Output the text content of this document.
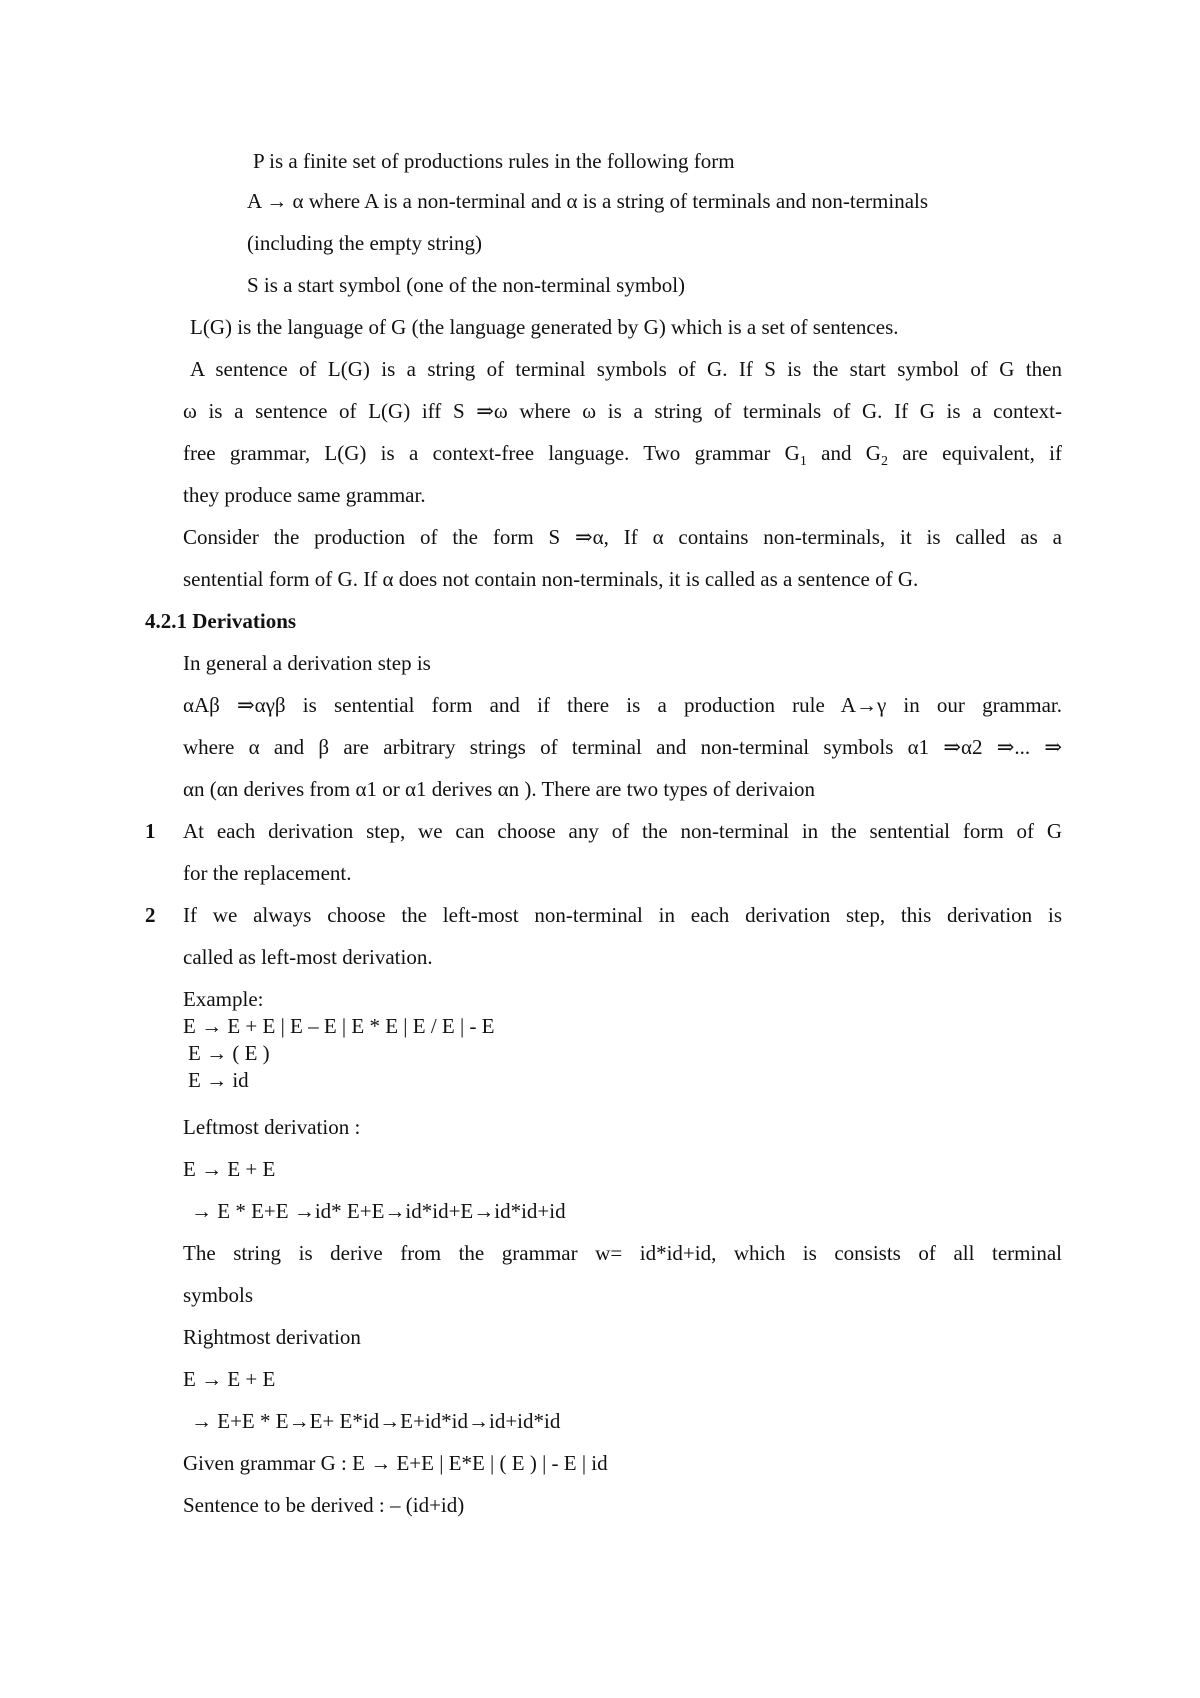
P is a finite set of productions rules in the following form
A → α where A is a non-terminal and α is a string of terminals and non-terminals
(including the empty string)
S is a start symbol (one of the non-terminal symbol)
L(G) is the language of G (the language generated by G) which is a set of sentences.
A sentence of L(G) is a string of terminal symbols of G. If S is the start symbol of G then
ω is a sentence of L(G) iff S ⇒ω where ω is a string of terminals of G. If G is a context-
free grammar, L(G) is a context-free language. Two grammar $G_1$ and $G_2$ are equivalent, if
they produce same grammar.
Consider the production of the form S ⇒α, If α contains non-terminals, it is called as a
sentential form of G. If α does not contain non-terminals, it is called as a sentence of G.
4.2.1 Derivations
In general a derivation step is
αAβ ⇒αγβ is sentential form and if there is a production rule A→γ in our grammar.
where α and β are arbitrary strings of terminal and non-terminal symbols α1 ⇒α2 ⇒... ⇒
αn (αn derives from α1 or α1 derives αn ). There are two types of derivaion
1 At each derivation step, we can choose any of the non-terminal in the sentential form of G
for the replacement.
2 If we always choose the left-most non-terminal in each derivation step, this derivation is
called as left-most derivation.
Example:
E → E + E | E – E | E * E | E / E | - E
E → ( E )
E → id
Leftmost derivation :
E → E + E
→ E * E+E →id* E+E→id*id+E→id*id+id
The string is derive from the grammar w= id*id+id, which is consists of all terminal
symbols
Rightmost derivation
E → E + E
→ E+E * E→E+ E*id→E+id*id→id+id*id
Given grammar G : E → E+E | E*E | ( E ) | - E | id
Sentence to be derived : – (id+id)
